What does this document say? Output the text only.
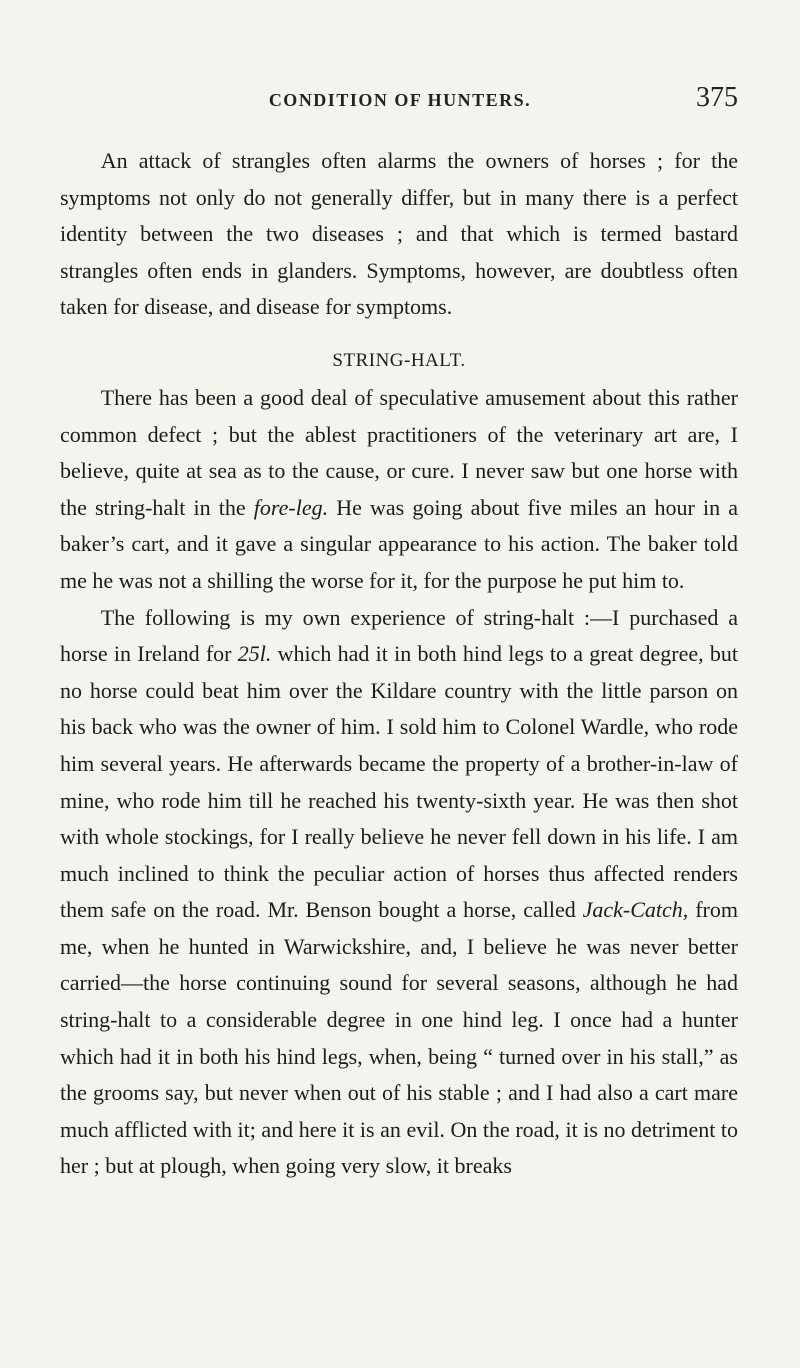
CONDITION OF HUNTERS.	375

An attack of strangles often alarms the owners of horses ; for the symptoms not only do not generally differ, but in many there is a perfect identity between the two diseases ; and that which is termed bastard strangles often ends in glanders. Symptoms, however, are doubtless often taken for disease, and disease for symptoms.

STRING-HALT.

There has been a good deal of speculative amusement about this rather common defect ; but the ablest practitioners of the veterinary art are, I believe, quite at sea as to the cause, or cure. I never saw but one horse with the string-halt in the fore-leg. He was going about five miles an hour in a baker’s cart, and it gave a singular appearance to his action. The baker told me he was not a shilling the worse for it, for the purpose he put him to.

The following is my own experience of string-halt :—I purchased a horse in Ireland for 25l. which had it in both hind legs to a great degree, but no horse could beat him over the Kildare country with the little parson on his back who was the owner of him. I sold him to Colonel Wardle, who rode him several years. He afterwards became the property of a brother-in-law of mine, who rode him till he reached his twenty-sixth year. He was then shot with whole stockings, for I really believe he never fell down in his life. I am much inclined to think the peculiar action of horses thus affected renders them safe on the road. Mr. Benson bought a horse, called Jack-Catch, from me, when he hunted in Warwickshire, and, I believe he was never better carried—the horse continuing sound for several seasons, although he had string-halt to a considerable degree in one hind leg. I once had a hunter which had it in both his hind legs, when, being “ turned over in his stall,” as the grooms say, but never when out of his stable ; and I had also a cart mare much afflicted with it; and here it is an evil. On the road, it is no detriment to her ; but at plough, when going very slow, it breaks
